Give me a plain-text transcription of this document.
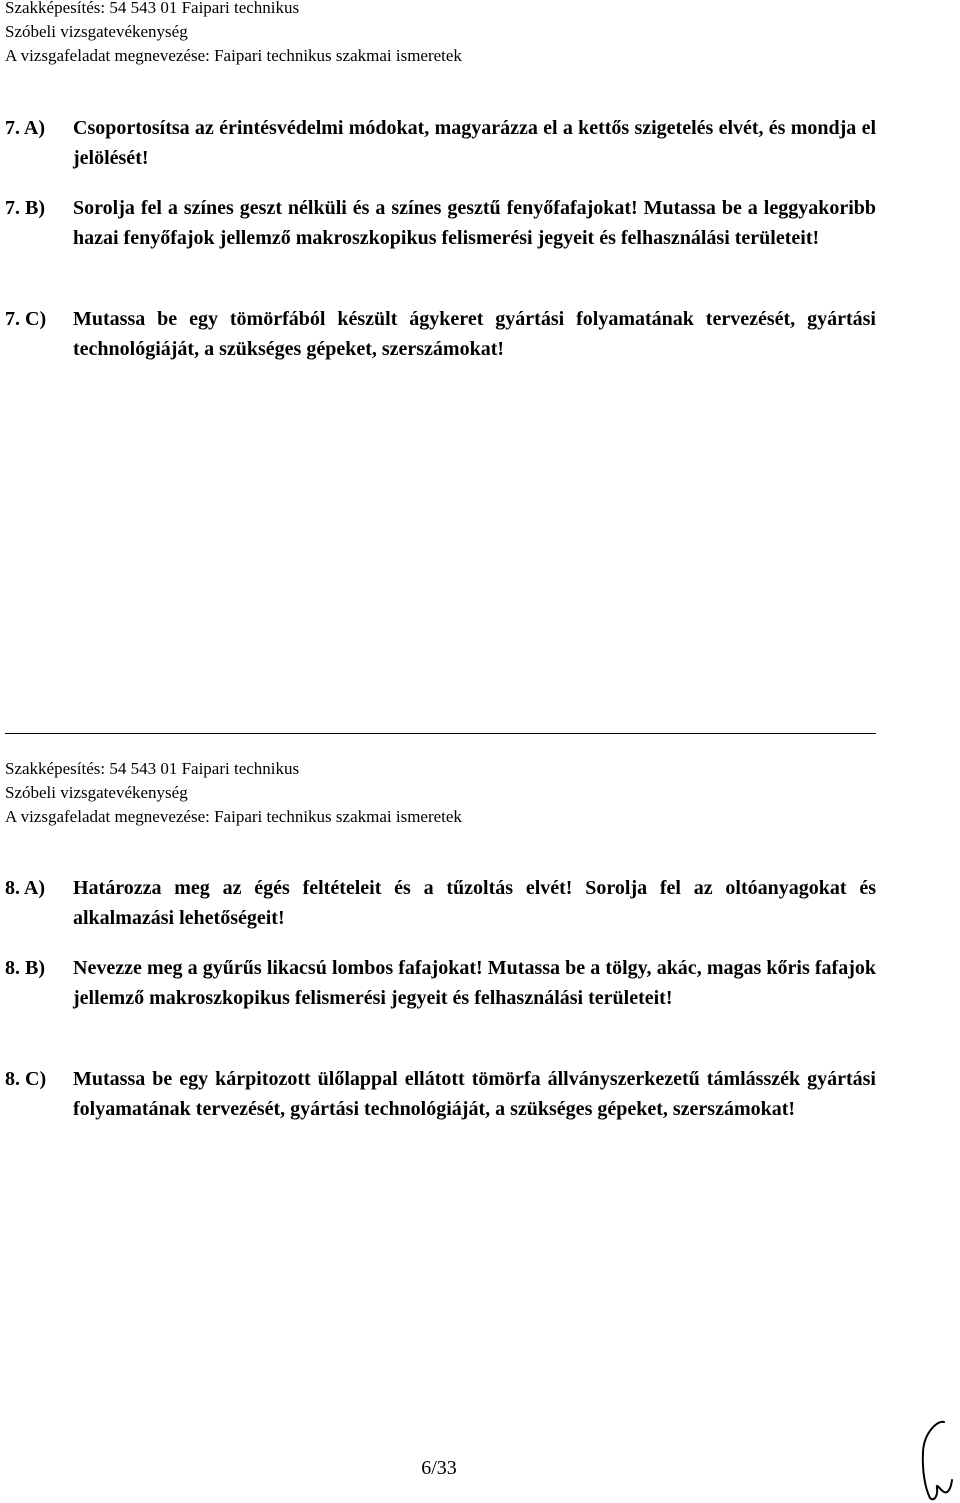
Szakképesítés: 54 543 01 Faipari technikus
Szóbeli vizsgatevékenység
A vizsgafeladat megnevezése: Faipari technikus szakmai ismeretek
7. A) Csoportosítsa az érintésvédelmi módokat, magyarázza el a kettős szigetelés elvét, és mondja el jelölését!
7. B) Sorolja fel a színes geszt nélküli és a színes gesztű fenyőfafajokat! Mutassa be a leggyakoribb hazai fenyőfajok jellemző makroszkopikus felismerési jegyeit és felhasználási területeit!
7. C) Mutassa be egy tömörfából készült ágykeret gyártási folyamatának tervezését, gyártási technológiáját, a szükséges gépeket, szerszámokat!
Szakképesítés: 54 543 01 Faipari technikus
Szóbeli vizsgatevékenység
A vizsgafeladat megnevezése: Faipari technikus szakmai ismeretek
8. A) Határozza meg az égés feltételeit és a tűzoltás elvét! Sorolja fel az oltóanyagokat és alkalmazási lehetőségeit!
8. B) Nevezze meg a gyűrűs likacsú lombos fafajokat! Mutassa be a tölgy, akác, magas kőris fafajok jellemző makroszkopikus felismerési jegyeit és felhasználási területeit!
8. C) Mutassa be egy kárpitozott ülőlappal ellátott tömörfa állványszerkezetű támlásszék gyártási folyamatának tervezését, gyártási technológiáját, a szükséges gépeket, szerszámokat!
6/33
